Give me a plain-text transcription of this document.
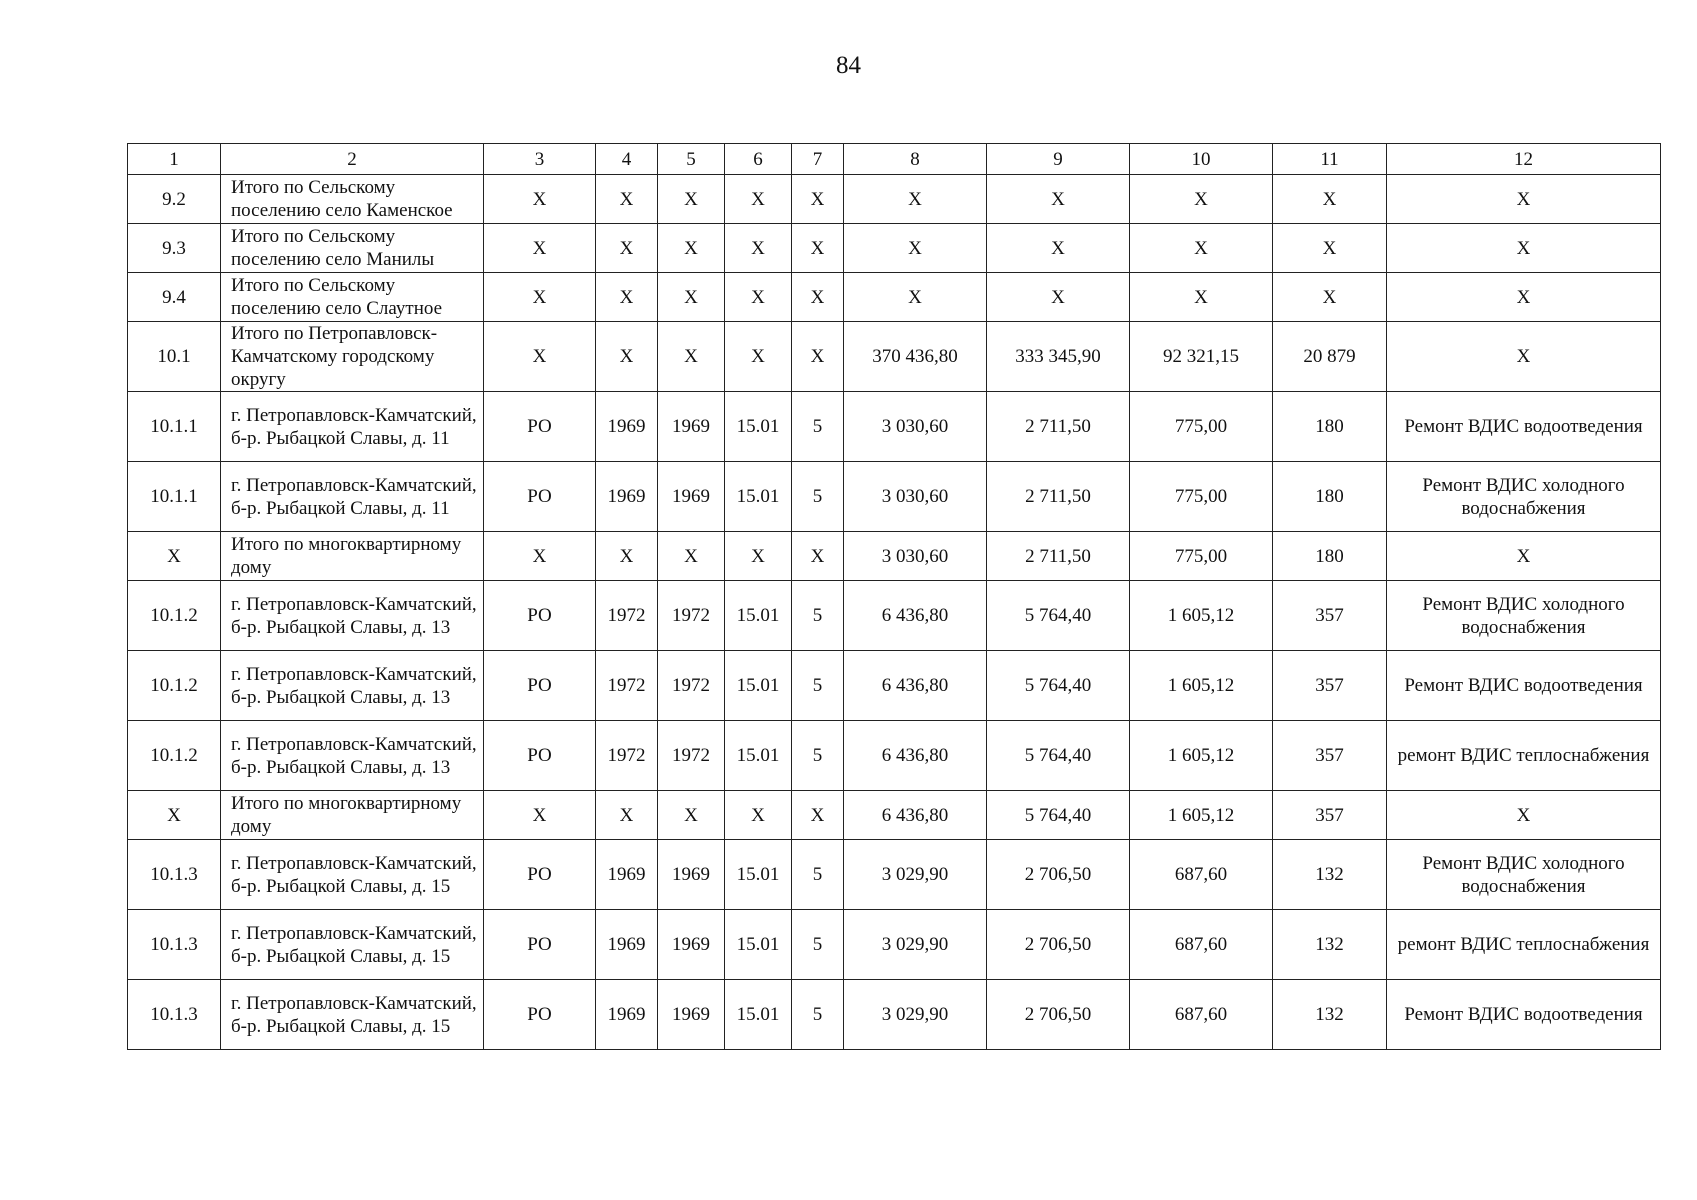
84
1	2	3	4	5	6	7	8	9	10	11	12
9.2	Итого по Сельскому поселению село Каменское	X	X	X	X	X	X	X	X	X	X
9.3	Итого по Сельскому поселению село Манилы	X	X	X	X	X	X	X	X	X	X
9.4	Итого по Сельскому поселению село Слаутное	X	X	X	X	X	X	X	X	X	X
10.1	Итого по Петропавловск-Камчатскому городскому округу	X	X	X	X	X	370 436,80	333 345,90	92 321,15	20 879	X
10.1.1	г. Петропавловск-Камчатский, б-р. Рыбацкой Славы, д. 11	РО	1969	1969	15.01	5	3 030,60	2 711,50	775,00	180	Ремонт ВДИС водоотведения
10.1.1	г. Петропавловск-Камчатский, б-р. Рыбацкой Славы, д. 11	РО	1969	1969	15.01	5	3 030,60	2 711,50	775,00	180	Ремонт ВДИС холодного водоснабжения
X	Итого по многоквартирному дому	X	X	X	X	X	3 030,60	2 711,50	775,00	180	X
10.1.2	г. Петропавловск-Камчатский, б-р. Рыбацкой Славы, д. 13	РО	1972	1972	15.01	5	6 436,80	5 764,40	1 605,12	357	Ремонт ВДИС холодного водоснабжения
10.1.2	г. Петропавловск-Камчатский, б-р. Рыбацкой Славы, д. 13	РО	1972	1972	15.01	5	6 436,80	5 764,40	1 605,12	357	Ремонт ВДИС водоотведения
10.1.2	г. Петропавловск-Камчатский, б-р. Рыбацкой Славы, д. 13	РО	1972	1972	15.01	5	6 436,80	5 764,40	1 605,12	357	ремонт ВДИС теплоснабжения
X	Итого по многоквартирному дому	X	X	X	X	X	6 436,80	5 764,40	1 605,12	357	X
10.1.3	г. Петропавловск-Камчатский, б-р. Рыбацкой Славы, д. 15	РО	1969	1969	15.01	5	3 029,90	2 706,50	687,60	132	Ремонт ВДИС холодного водоснабжения
10.1.3	г. Петропавловск-Камчатский, б-р. Рыбацкой Славы, д. 15	РО	1969	1969	15.01	5	3 029,90	2 706,50	687,60	132	ремонт ВДИС теплоснабжения
10.1.3	г. Петропавловск-Камчатский, б-р. Рыбацкой Славы, д. 15	РО	1969	1969	15.01	5	3 029,90	2 706,50	687,60	132	Ремонт ВДИС водоотведения
